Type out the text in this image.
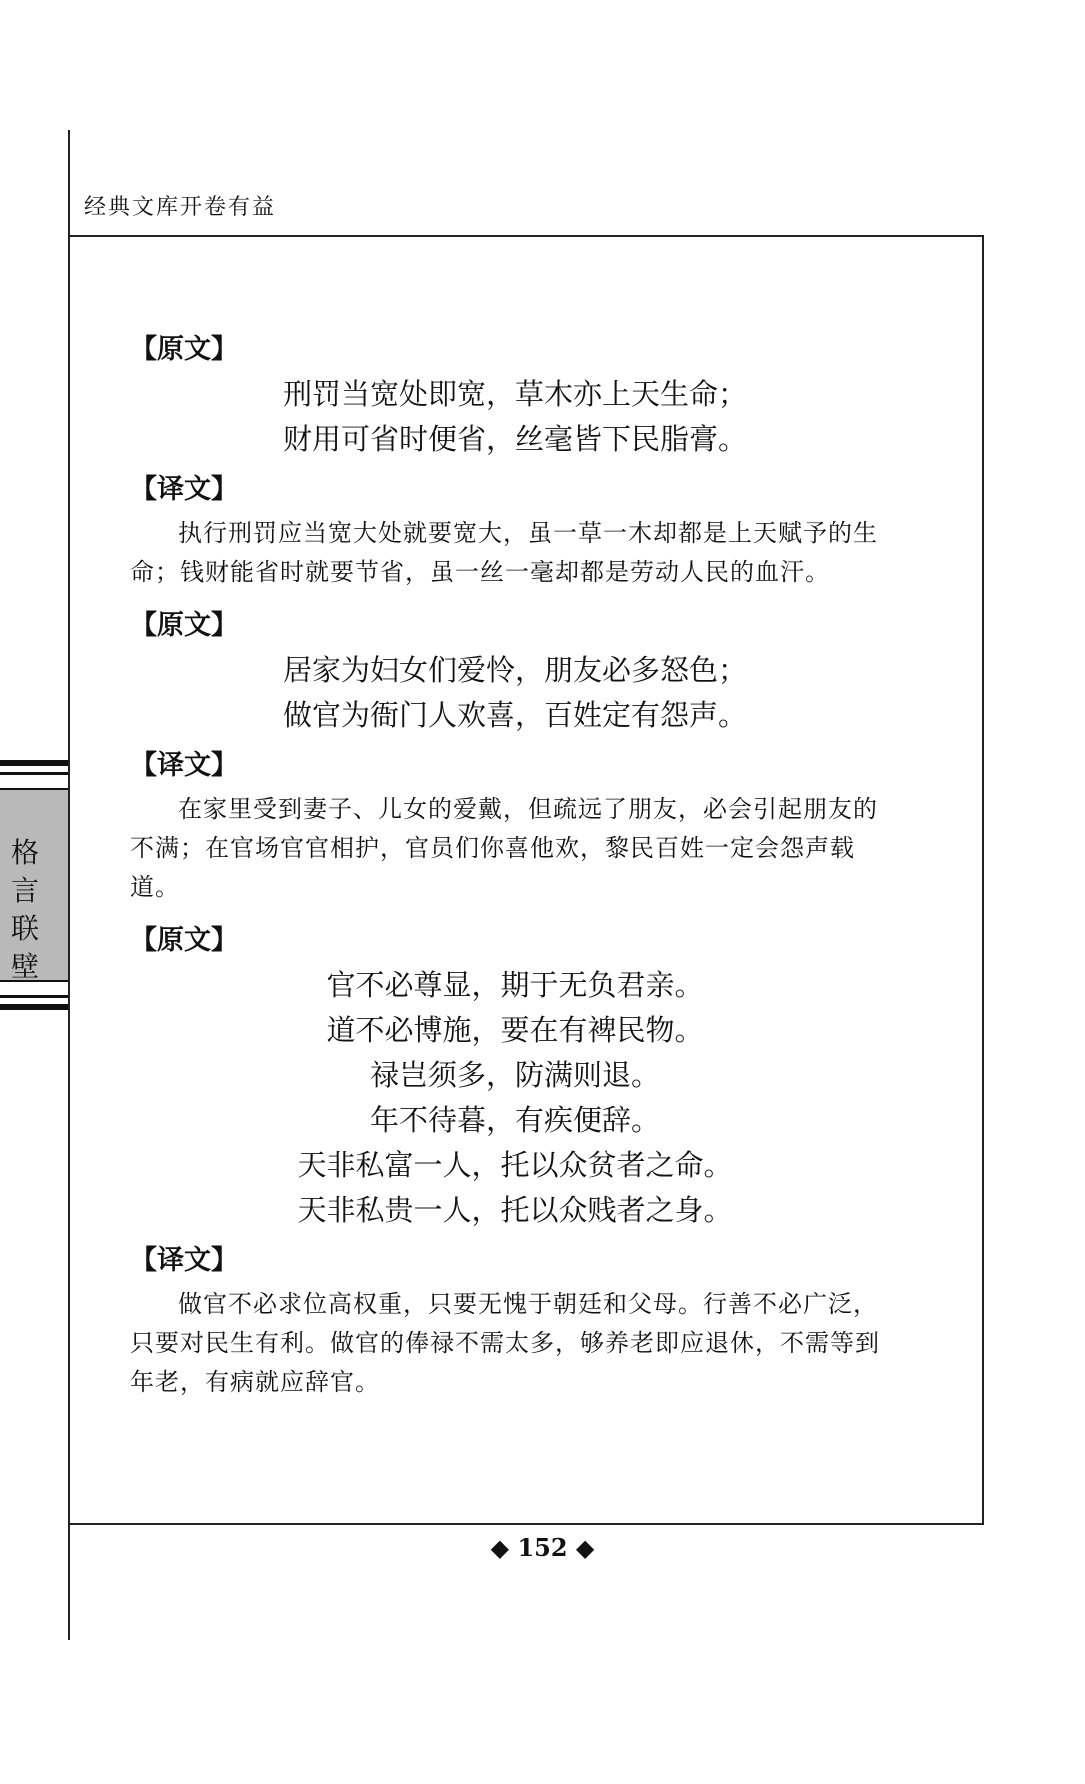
经典文库开卷有益
格
言
联
壁
【原文】
刑罚当宽处即宽，草木亦上天生命；
财用可省时便省，丝毫皆下民脂膏。
【译文】

执行刑罚应当宽大处就要宽大，虽一草一木却都是上天赋予的生命；钱财能省时就要节省，虽一丝一毫却都是劳动人民的血汗。

【原文】
居家为妇女们爱怜，朋友必多怒色；
做官为衙门人欢喜，百姓定有怨声。
【译文】

在家里受到妻子、儿女的爱戴，但疏远了朋友，必会引起朋友的不满；在官场官官相护，官员们你喜他欢，黎民百姓一定会怨声载道。

【原文】
官不必尊显，期于无负君亲。
道不必博施，要在有裨民物。
禄岂须多，防满则退。
年不待暮，有疾便辞。
天非私富一人，托以众贫者之命。
天非私贵一人，托以众贱者之身。
【译文】

做官不必求位高权重，只要无愧于朝廷和父母。行善不必广泛，只要对民生有利。做官的俸禄不需太多，够养老即应退休，不需等到年老，有病就应辞官。

◆ 152 ◆
